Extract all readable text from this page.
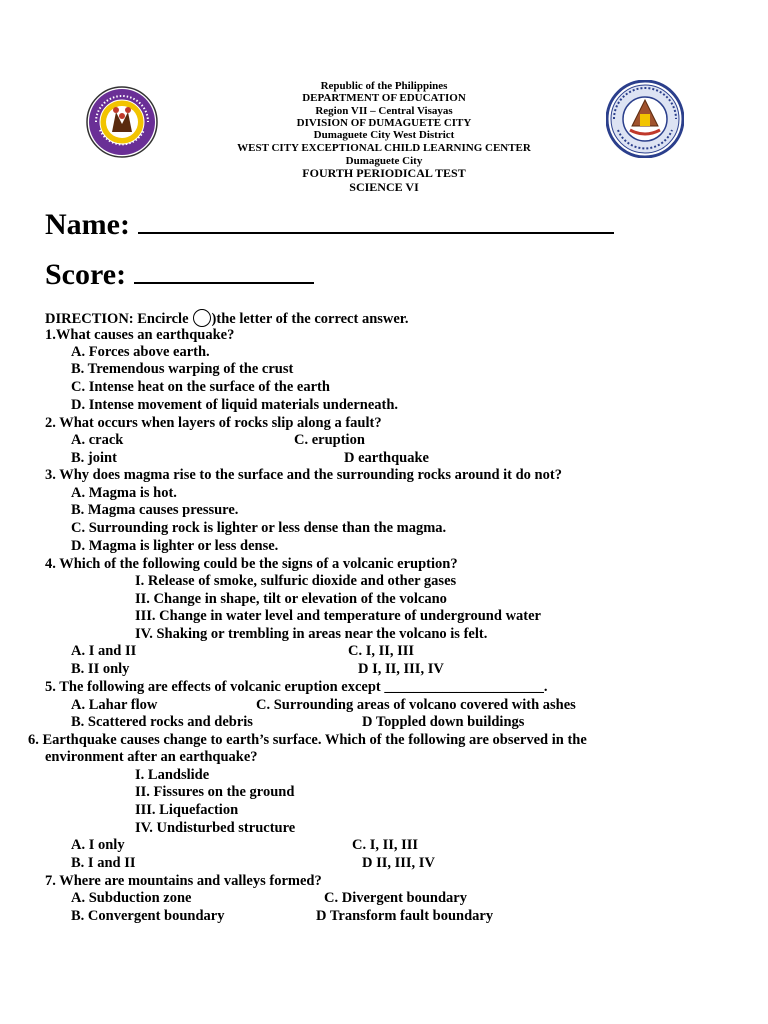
Republic of the Philippines
DEPARTMENT OF EDUCATION
Region VII – Central Visayas
DIVISION OF DUMAGUETE CITY
Dumaguete City West District
WEST CITY EXCEPTIONAL CHILD LEARNING CENTER
Dumaguete City
FOURTH PERIODICAL TEST
SCIENCE VI
Name:
Score:
DIRECTION: Encircle )the letter of the correct answer.
1.What causes an earthquake?
A. Forces above earth.
B. Tremendous warping of the crust
C. Intense heat on the surface of the earth
D. Intense movement of liquid materials underneath.
2. What occurs when layers of rocks slip along a fault?
A. crack	C. eruption
B. joint	D earthquake
3. Why does magma rise to the surface and the surrounding rocks around it do not?
A. Magma is hot.
B. Magma causes pressure.
C. Surrounding rock is lighter or less dense than the magma.
D. Magma is lighter or less dense.
4. Which of the following could be the signs of a volcanic eruption?
I. Release of smoke, sulfuric dioxide and other gases
II. Change in shape, tilt or elevation of the volcano
III. Change in water level and temperature of underground water
IV. Shaking or trembling in areas near the volcano is felt.
A. I and II	C. I, II, III
B. II only	D I, II, III, IV
5. The following are effects of volcanic eruption except ______________________.
A. Lahar flow	C. Surrounding areas of volcano covered with ashes
B. Scattered rocks and debris	D Toppled down buildings
6. Earthquake causes change to earth’s surface. Which of the following are observed in the
environment after an earthquake?
I. Landslide
II. Fissures on the ground
III. Liquefaction
IV. Undisturbed structure
A. I only	C. I, II, III
B. I and II	D II, III, IV
7. Where are mountains and valleys formed?
A. Subduction zone	C. Divergent boundary
B. Convergent boundary	D Transform fault boundary
